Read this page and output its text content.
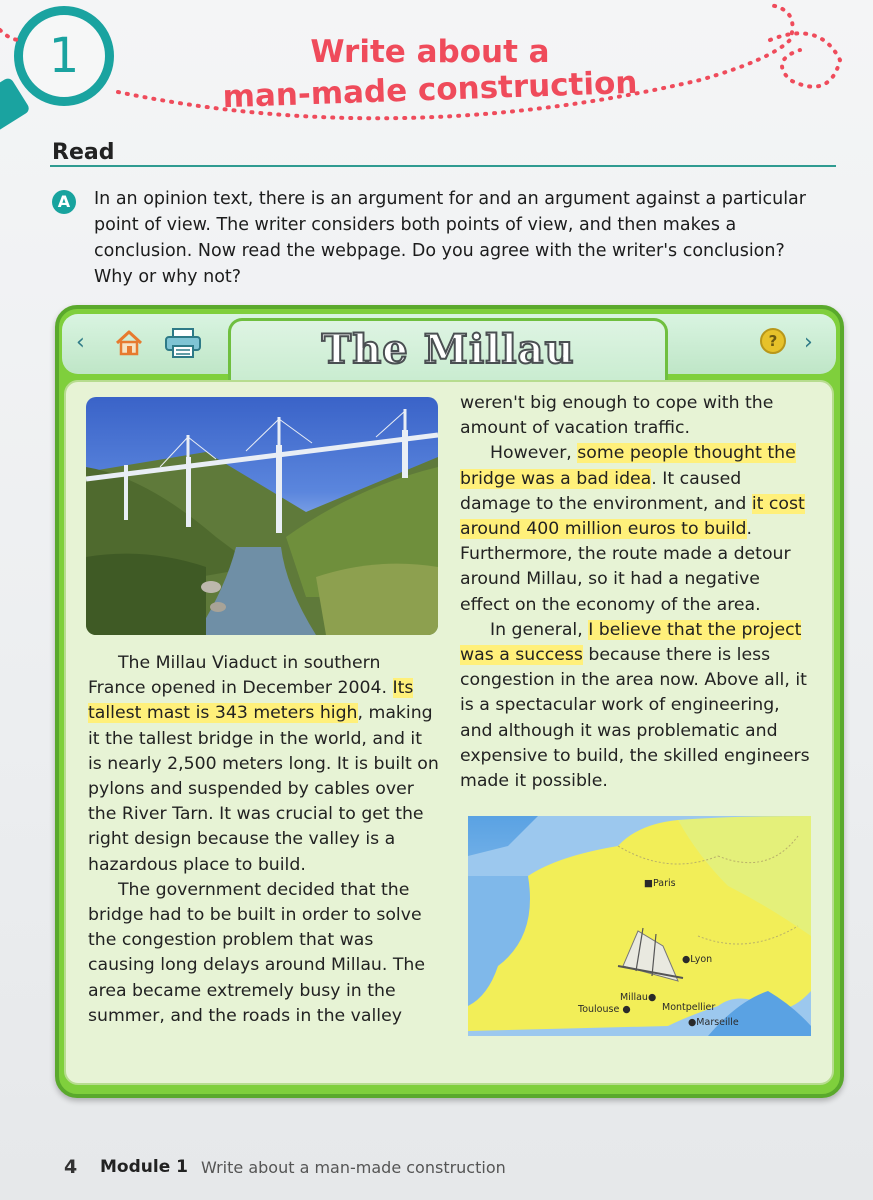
1	Write about a
man-made construction
Read
A	In an opinion text, there is an argument for and an argument against a particular point of view. The writer considers both points of view, and then makes a conclusion. Now read the webpage. Do you agree with the writer's conclusion? Why or why not?
‹	The Millau	?	›

The Millau Viaduct in southern France opened in December 2004. Its tallest mast is 343 meters high, making it the tallest bridge in the world, and it is nearly 2,500 meters long. It is built on pylons and suspended by cables over the River Tarn. It was crucial to get the right design because the valley is a hazardous place to build.

The government decided that the bridge had to be built in order to solve the congestion problem that was causing long delays around Millau. The area became extremely busy in the summer, and the roads in the valley

weren't big enough to cope with the amount of vacation traffic.

However, some people thought the bridge was a bad idea. It caused damage to the environment, and it cost around 400 million euros to build. Furthermore, the route made a detour around Millau, so it had a negative effect on the economy of the area.

In general, I believe that the project was a success because there is less congestion in the area now. Above all, it is a spectacular work of engineering, and although it was problematic and expensive to build, the skilled engineers made it possible.

■Paris
●Lyon
Millau●
Toulouse ●	Montpellier
●Marseille
4 Module 1 Write about a man-made construction
